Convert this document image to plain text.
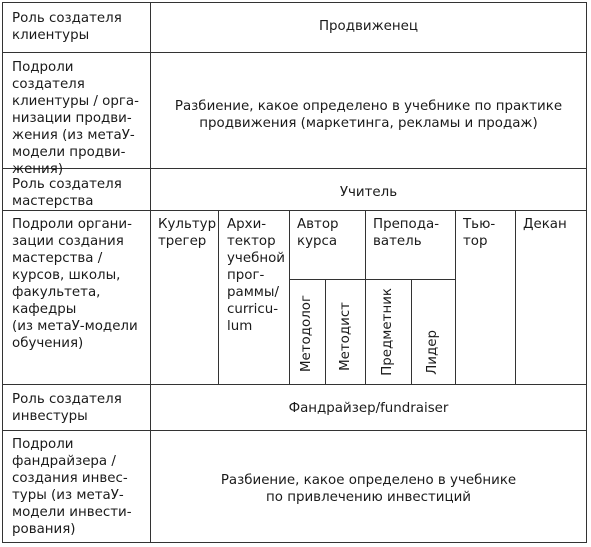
Роль создателя клиентуры
Продвиженец
Подроли создателя
клиентуры / орга-
низации продви-
жения (из метаУ-
модели продви-
жения)
Разбиение, какое определено в учебнике по практике
продвижения (маркетинга, рекламы и продаж)
Роль создателя мастерства
Учитель
Подроли органи-
зации создания
мастерства /
курсов, школы,
факультета,
кафедры
(из метаУ-модели
обучения)
Культур
трегер
Архи-
тектор
учебной
прог-
раммы/
curricu-
lum
Автор
курса
Методолог Методист
Препода-
ватель
Предметник Лидер
Тью-
тор
Декан
Роль создателя инвестуры
Фандрайзер/fundraiser
Подроли
фандрайзера /
создания инвес-
туры (из метаУ-
модели инвести-
рования)
Разбиение, какое определено в учебнике
по привлечению инвестиций
